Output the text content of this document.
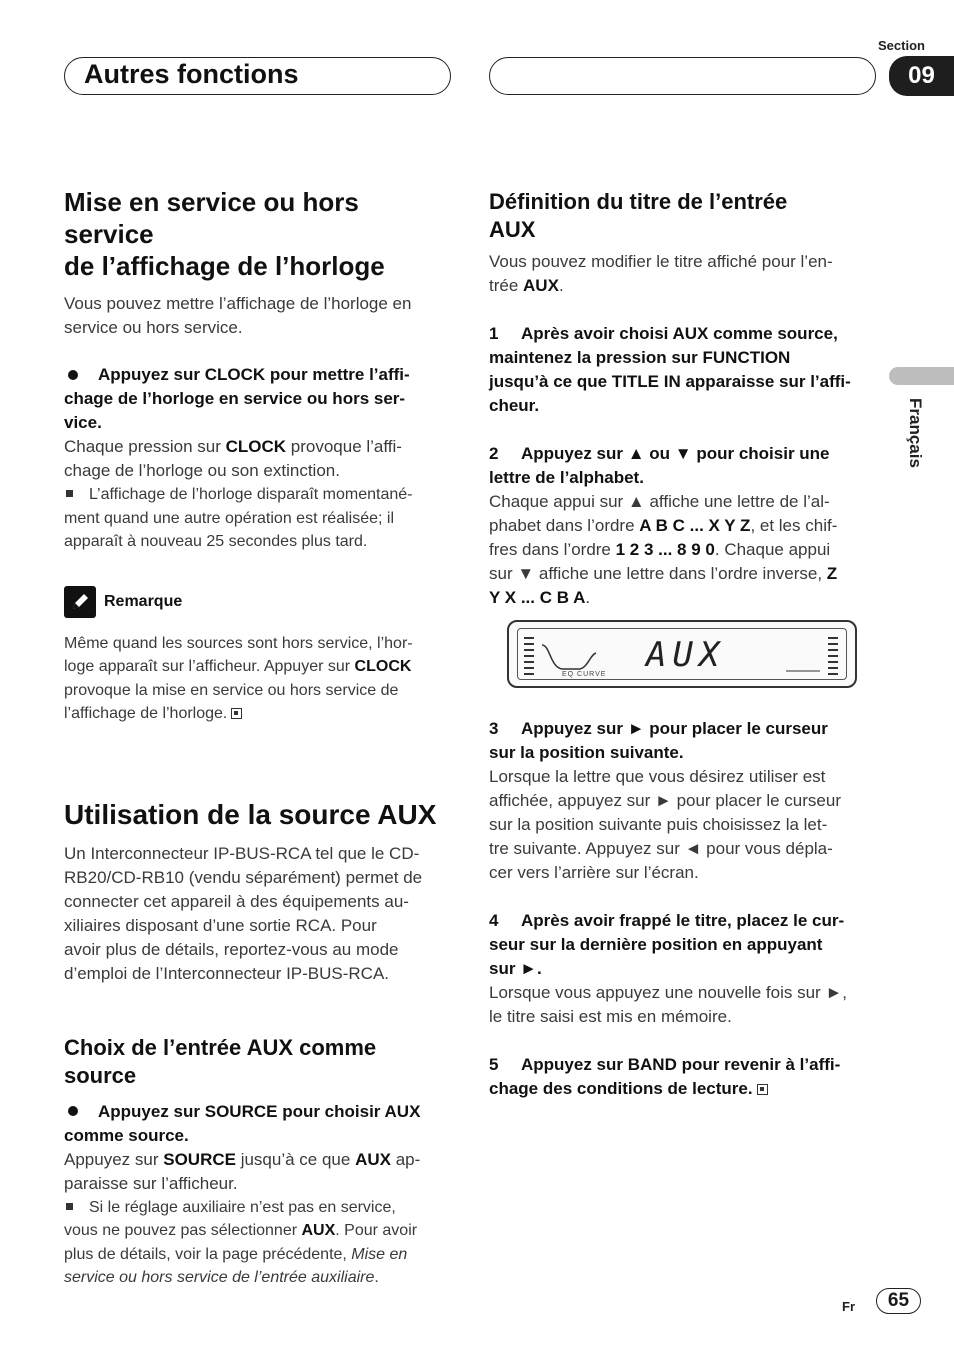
Autres fonctions
Section
09
Français

Mise en service ou hors service
de l’affichage de l’horloge

Vous pouvez mettre l’affichage de l’horloge en
service ou hors service.

Appuyez sur CLOCK pour mettre l’affi-
chage de l’horloge en service ou hors ser-
vice.

Chaque pression sur CLOCK provoque l’affi-
chage de l’horloge ou son extinction.

L’affichage de l’horloge disparaît momentané-
ment quand une autre opération est réalisée; il
apparaît à nouveau 25 secondes plus tard.

Remarque

Même quand les sources sont hors service, l’hor-
loge apparaît sur l’afficheur. Appuyer sur CLOCK
provoque la mise en service ou hors service de
l’affichage de l’horloge.

Utilisation de la source AUX

Un Interconnecteur IP-BUS-RCA tel que le CD-
RB20/CD-RB10 (vendu séparément) permet de
connecter cet appareil à des équipements au-
xiliaires disposant d’une sortie RCA. Pour
avoir plus de détails, reportez-vous au mode
d’emploi de l’Interconnecteur IP-BUS-RCA.

Choix de l’entrée AUX comme
source

Appuyez sur SOURCE pour choisir AUX
comme source.

Appuyez sur SOURCE jusqu’à ce que AUX ap-
paraisse sur l’afficheur.

Si le réglage auxiliaire n’est pas en service,
vous ne pouvez pas sélectionner AUX. Pour avoir
plus de détails, voir la page précédente, Mise en
service ou hors service de l’entrée auxiliaire.

Définition du titre de l’entrée
AUX

Vous pouvez modifier le titre affiché pour l’en-
trée AUX.

1 Après avoir choisi AUX comme source,
maintenez la pression sur FUNCTION
jusqu’à ce que TITLE IN apparaisse sur l’affi-
cheur.

2 Appuyez sur ▲ ou ▼ pour choisir une
lettre de l’alphabet.

Chaque appui sur ▲ affiche une lettre de l’al-
phabet dans l’ordre A B C ... X Y Z, et les chif-
fres dans l’ordre 1 2 3 ... 8 9 0. Chaque appui
sur ▼ affiche une lettre dans l’ordre inverse, Z
Y X ... C B A.

AUX
EQ CURVE

3 Appuyez sur ► pour placer le curseur
sur la position suivante.

Lorsque la lettre que vous désirez utiliser est
affichée, appuyez sur ► pour placer le curseur
sur la position suivante puis choisissez la let-
tre suivante. Appuyez sur ◄ pour vous dépla-
cer vers l’arrière sur l’écran.

4 Après avoir frappé le titre, placez le cur-
seur sur la dernière position en appuyant
sur ►.

Lorsque vous appuyez une nouvelle fois sur ►,
le titre saisi est mis en mémoire.

5 Appuyez sur BAND pour revenir à l’affi-
chage des conditions de lecture.

Fr	65
